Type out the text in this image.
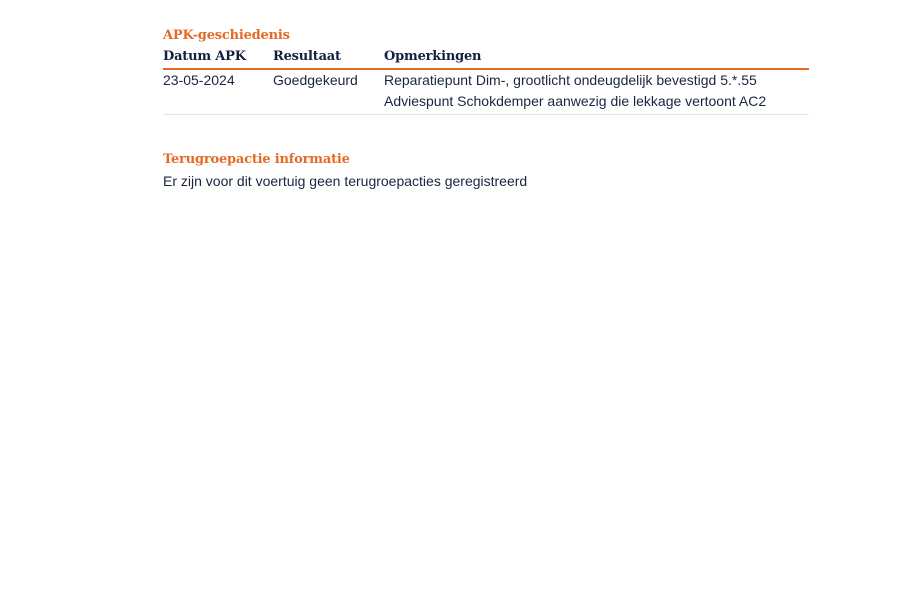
APK-geschiedenis
Datum APK	Resultaat	Opmerkingen
23-05-2024	Goedgekeurd	Reparatiepunt Dim-, grootlicht ondeugdelijk bevestigd 5.*.55
Adviespunt Schokdemper aanwezig die lekkage vertoont AC2
Terugroepactie informatie

Er zijn voor dit voertuig geen terugroepacties geregistreerd
